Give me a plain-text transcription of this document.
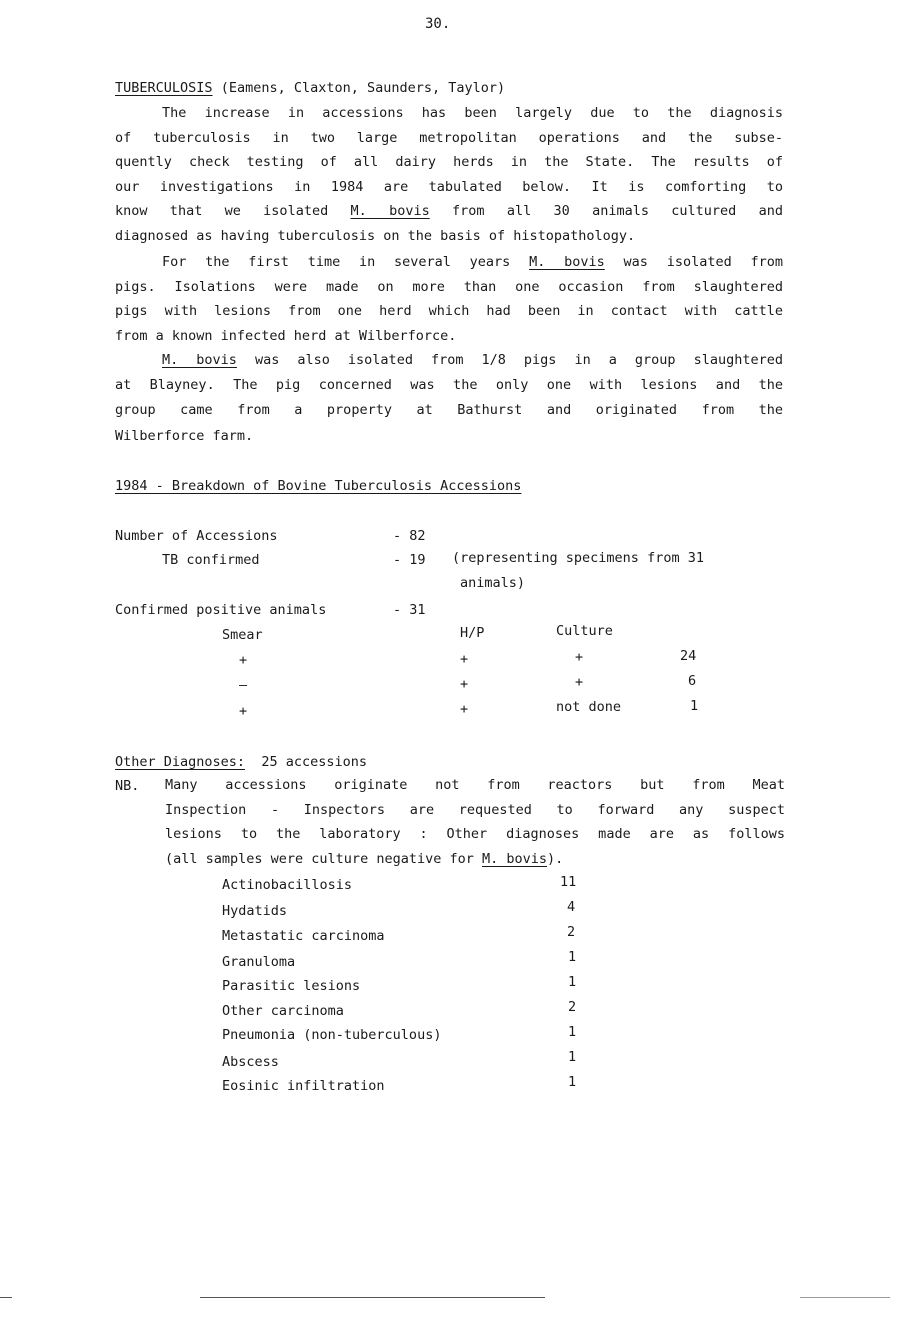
30.
TUBERCULOSIS (Eamens, Claxton, Saunders, Taylor)
The increase in accessions has been largely due to the diagnosis
of tuberculosis in two large metropolitan operations and the subse-
quently check testing of all dairy herds in the State. The results of
our investigations in 1984 are tabulated below. It is comforting to
know that we isolated M. bovis from all 30 animals cultured and
diagnosed as having tuberculosis on the basis of histopathology.
For the first time in several years M. bovis was isolated from
pigs. Isolations were made on more than one occasion from slaughtered
pigs with lesions from one herd which had been in contact with cattle
from a known infected herd at Wilberforce.
M. bovis was also isolated from 1/8 pigs in a group slaughtered
at Blayney. The pig concerned was the only one with lesions and the
group came from a property at Bathurst and originated from the
Wilberforce farm.
1984 - Breakdown of Bovine Tuberculosis Accessions
Number of Accessions	- 82
TB confirmed	- 19 (representing specimens from 31
animals)
Confirmed positive animals	- 31
Smear	H/P	Culture
+	+	+	24
–	+	+	6
+	+	not done	1
Other Diagnoses: 25 accessions
NB. Many accessions originate not from reactors but from Meat
Inspection - Inspectors are requested to forward any suspect
lesions to the laboratory : Other diagnoses made are as follows
(all samples were culture negative for M. bovis).
Actinobacillosis	11
Hydatids	4
Metastatic carcinoma	2
Granuloma	1
Parasitic lesions	1
Other carcinoma	2
Pneumonia (non-tuberculous)	1
Abscess	1
Eosinic infiltration	1
